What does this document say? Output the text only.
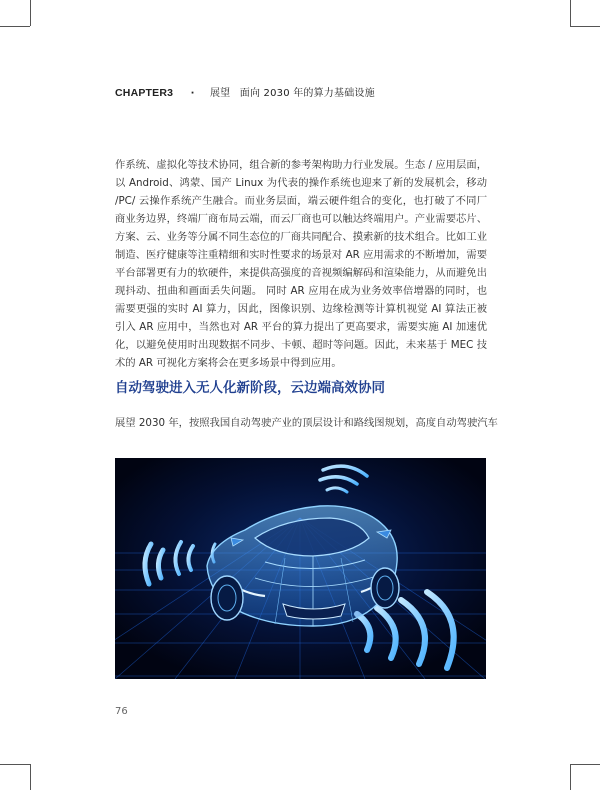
CHAPTER3 · 展望 面向 2030 年的算力基础设施

作系统、虚拟化等技术协同，组合新的参考架构助力行业发展。生态 / 应用层面，以 Android、鸿蒙、国产 Linux 为代表的操作系统也迎来了新的发展机会，移动 /PC/ 云操作系统产生融合。而业务层面，端云硬件组合的变化，也打破了不同厂商业务边界，终端厂商布局云端，而云厂商也可以触达终端用户。产业需要芯片、方案、云、业务等分属不同生态位的厂商共同配合、摸索新的技术组合。比如工业制造、医疗健康等注重精细和实时性要求的场景对 AR 应用需求的不断增加，需要平台部署更有力的软硬件，来提供高强度的音视频编解码和渲染能力，从而避免出现抖动、扭曲和画面丢失问题。 同时 AR 应用在成为业务效率倍增器的同时，也需要更强的实时 AI 算力，因此，图像识别、边缘检测等计算机视觉 AI 算法正被引入 AR 应用中，当然也对 AR 平台的算力提出了更高要求，需要实施 AI 加速优化，以避免使用时出现数据不同步、卡顿、超时等问题。因此，未来基于 MEC 技术的 AR 可视化方案将会在更多场景中得到应用。

自动驾驶进入无人化新阶段，云边端高效协同

展望 2030 年，按照我国自动驾驶产业的顶层设计和路线图规划，高度自动驾驶汽车

76
